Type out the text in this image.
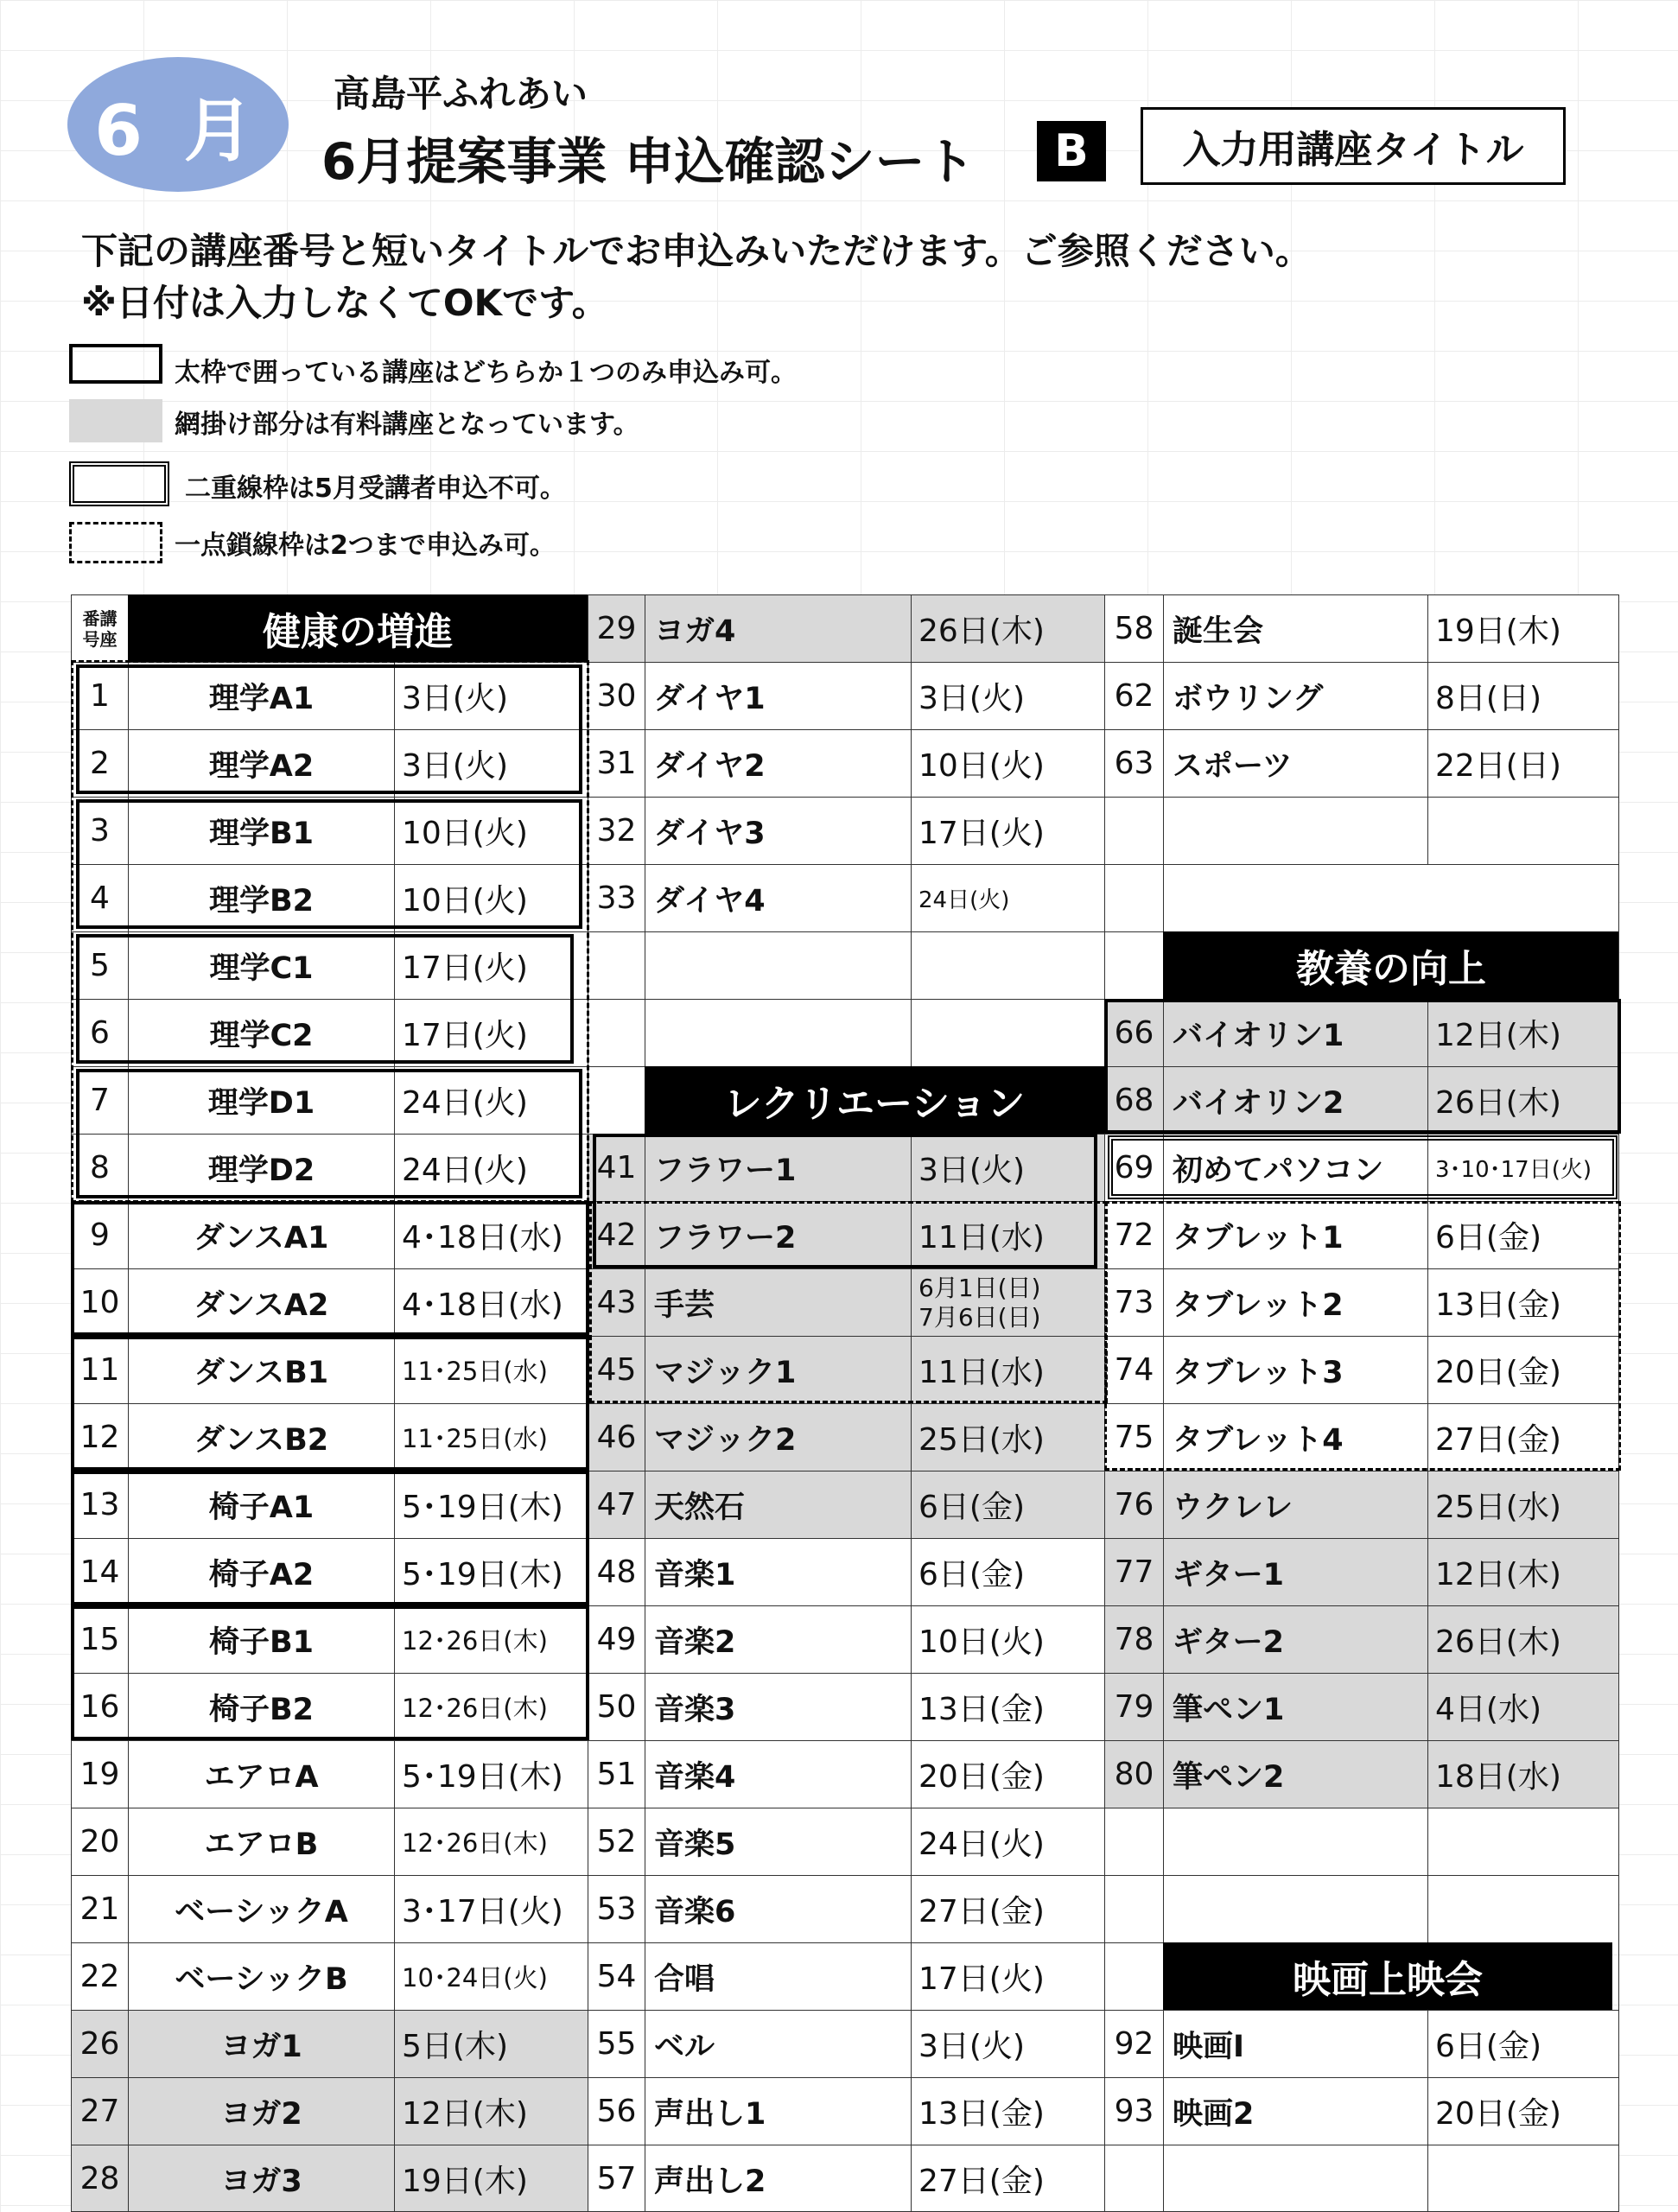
6 月	高島平ふれあい
6月提案事業 申込確認シート	B	入力用講座タイトル
下記の講座番号と短いタイトルでお申込みいただけます。ご参照ください。
※日付は入力しなくてOKです。
太枠で囲っている講座はどちらか１つのみ申込み可。
網掛け部分は有料講座となっています。
二重線枠は5月受講者申込不可。
一点鎖線枠は2つまで申込み可。
番講
号座	健康の増進
1	理学A1	3日(火)
2	理学A2	3日(火)
3	理学B1	10日(火)
4	理学B2	10日(火)
5	理学C1	17日(火)
6	理学C2	17日(火)
7	理学D1	24日(火)
8	理学D2	24日(火)
9	ダンスA1	4･18日(水)
10	ダンスA2	4･18日(水)
11	ダンスB1	11･25日(水)
12	ダンスB2	11･25日(水)
13	椅子A1	5･19日(木)
14	椅子A2	5･19日(木)
15	椅子B1	12･26日(木)
16	椅子B2	12･26日(木)
19	エアロA	5･19日(木)
20	エアロB	12･26日(木)
21	ベーシックA	3･17日(火)
22	ベーシックB	10･24日(火)
26	ヨガ1	5日(木)
27	ヨガ2	12日(木)
28	ヨガ3	19日(木)
29 ヨガ4	26日(木)
30 ダイヤ1	3日(火)
31 ダイヤ2	10日(火)
32 ダイヤ3	17日(火)
33 ダイヤ4	24日(火)
レクリエーション
41 フラワー1	3日(火)
42 フラワー2	11日(水)
43 手芸
6月1日(日)
7月6日(日)
45 マジック1	11日(水)
46 マジック2	25日(水)
47 天然石	6日(金)
48 音楽1	6日(金)
49 音楽2	10日(火)
50 音楽3	13日(金)
51 音楽4	20日(金)
52 音楽5	24日(火)
53 音楽6	27日(金)
54 合唱	17日(火)
55 ベル	3日(火)
56 声出し1	13日(金)
57 声出し2	27日(金)
58 誕生会	19日(木)
62 ボウリング	8日(日)
63 スポーツ	22日(日)
教養の向上
66 バイオリン1	12日(木)
68 バイオリン2	26日(木)
69 初めてパソコン	3･10･17日(火)
72 タブレット1	6日(金)
73 タブレット2	13日(金)
74 タブレット3	20日(金)
75 タブレット4	27日(金)
76 ウクレレ	25日(水)
77 ギター1	12日(木)
78 ギター2	26日(木)
79 筆ペン1	4日(水)
80 筆ペン2	18日(水)
映画上映会
92 映画Ⅰ	6日(金)
93 映画2	20日(金)
